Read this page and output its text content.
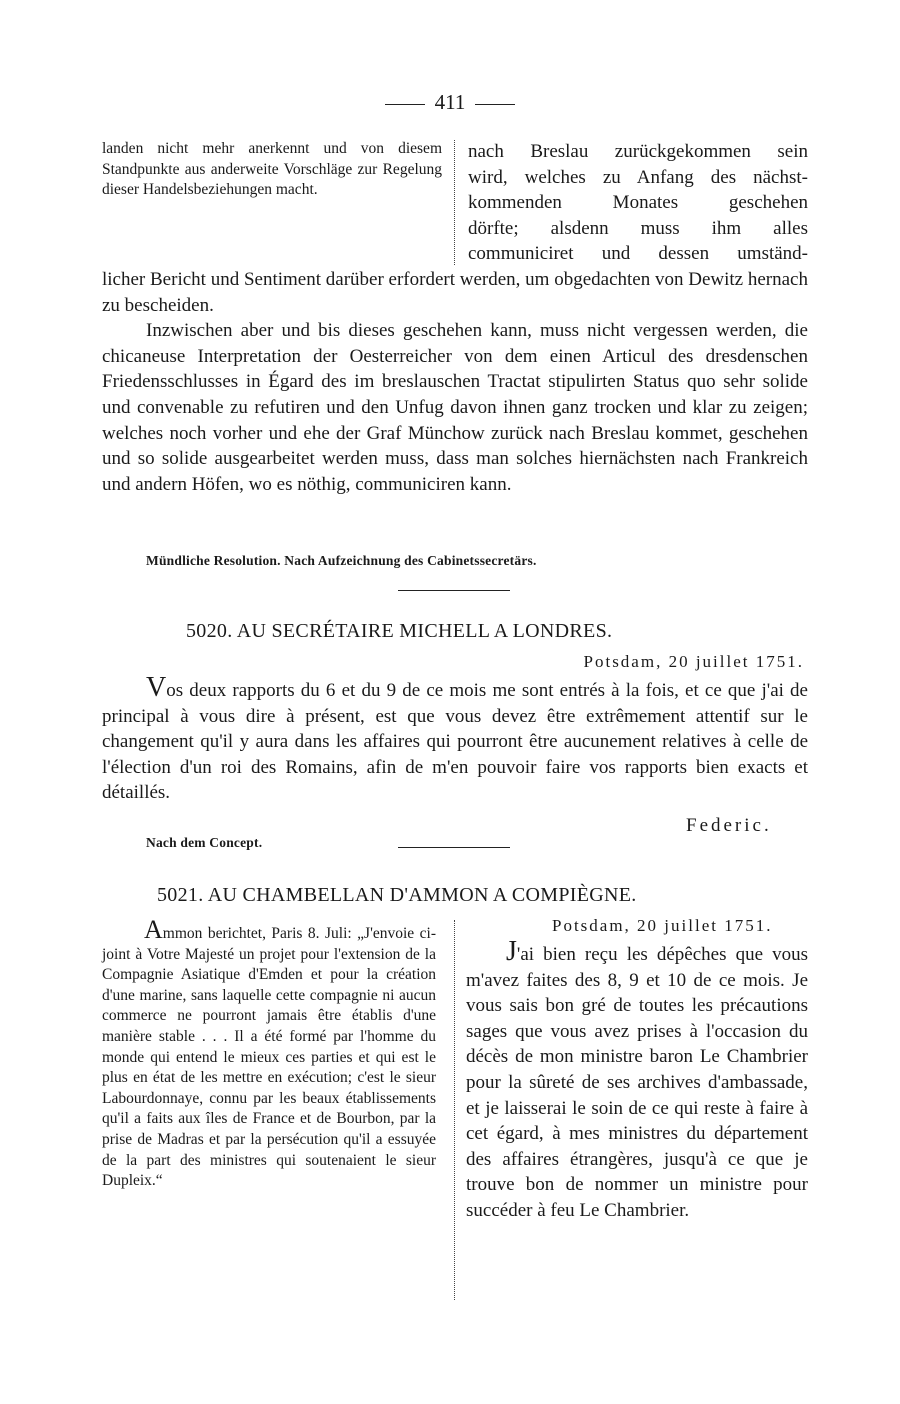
411

landen nicht mehr anerkennt und von diesem Standpunkte aus anderweite Vorschläge zur Regelung dieser Handelsbeziehungen macht.

nach Breslau zurückgekommen sein
wird, welches zu Anfang des nächst-
kommenden Monates geschehen
dörfte; alsdenn muss ihm alles
communiciret und dessen umständ-

licher Bericht und Sentiment darüber erfordert werden, um obgedachten von Dewitz hernach zu bescheiden.

Inzwischen aber und bis dieses geschehen kann, muss nicht vergessen werden, die chicaneuse Interpretation der Oesterreicher von dem einen Articul des dresdenschen Friedensschlusses in Égard des im breslauschen Tractat stipulirten Status quo sehr solide und convenable zu refutiren und den Unfug davon ihnen ganz trocken und klar zu zeigen; welches noch vorher und ehe der Graf Münchow zurück nach Breslau kommet, geschehen und so solide ausgearbeitet werden muss, dass man solches hiernächsten nach Frankreich und andern Höfen, wo es nöthig, communiciren kann.

Mündliche Resolution. Nach Aufzeichnung des Cabinetssecretärs.
5020. AU SECRÉTAIRE MICHELL A LONDRES.
Potsdam, 20 juillet 1751.

Vos deux rapports du 6 et du 9 de ce mois me sont entrés à la fois, et ce que j'ai de principal à vous dire à présent, est que vous devez être extrêmement attentif sur le changement qu'il y aura dans les affaires qui pourront être aucunement relatives à celle de l'élection d'un roi des Romains, afin de m'en pouvoir faire vos rapports bien exacts et détaillés.

Federic.
Nach dem Concept.
5021. AU CHAMBELLAN D'AMMON A COMPIÈGNE.

Ammon berichtet, Paris 8. Juli: „J'envoie ci-joint à Votre Majesté un projet pour l'extension de la Compagnie Asiatique d'Emden et pour la création d'une marine, sans laquelle cette compagnie ni aucun commerce ne pourront jamais être établis d'une manière stable . . . Il a été formé par l'homme du monde qui entend le mieux ces parties et qui est le plus en état de les mettre en exécution; c'est le sieur Labourdonnaye, connu par les beaux établissements qu'il a faits aux îles de France et de Bourbon, par la prise de Madras et par la persécution qu'il a essuyée de la part des ministres qui soutenaient le sieur Dupleix.“

Potsdam, 20 juillet 1751.

J'ai bien reçu les dépêches que vous m'avez faites des 8, 9 et 10 de ce mois. Je vous sais bon gré de toutes les précautions sages que vous avez prises à l'occasion du décès de mon ministre baron Le Chambrier pour la sûreté de ses archives d'ambassade, et je laisserai le soin de ce qui reste à faire à cet égard, à mes ministres du département des affaires étrangères, jusqu'à ce que je trouve bon de nommer un ministre pour succéder à feu Le Chambrier.
